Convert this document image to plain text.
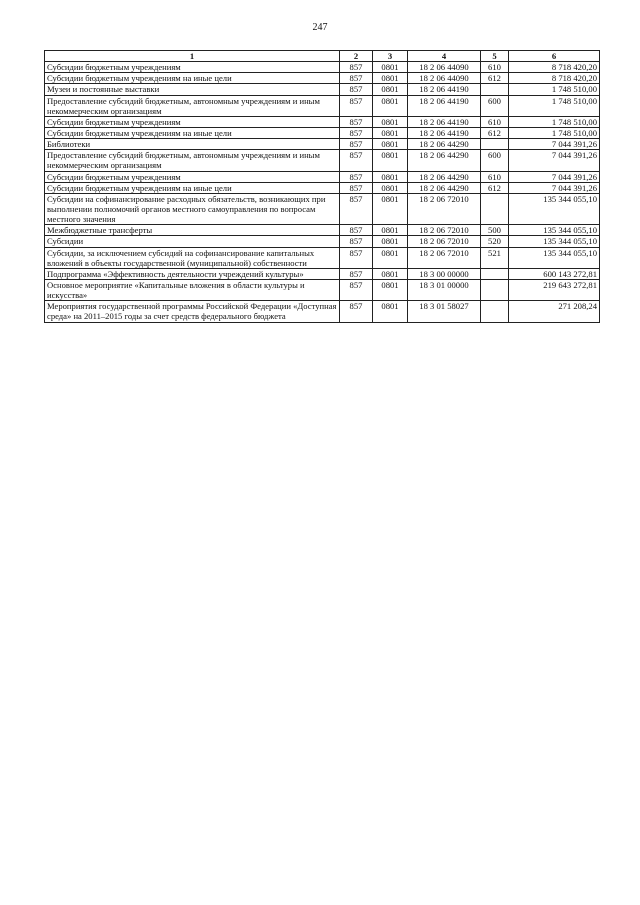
247
1	2	3	4	5	6
Субсидии бюджетным учреждениям	857	0801	18 2 06 44090	610	8 718 420,20
Субсидии бюджетным учреждениям на иные цели	857	0801	18 2 06 44090	612	8 718 420,20
Музеи и постоянные выставки	857	0801	18 2 06 44190		1 748 510,00
Предоставление субсидий бюджетным, автономным учреждениям и иным некоммерческим организациям	857	0801	18 2 06 44190	600	1 748 510,00
Субсидии бюджетным учреждениям	857	0801	18 2 06 44190	610	1 748 510,00
Субсидии бюджетным учреждениям на иные цели	857	0801	18 2 06 44190	612	1 748 510,00
Библиотеки	857	0801	18 2 06 44290		7 044 391,26
Предоставление субсидий бюджетным, автономным учреждениям и иным некоммерческим организациям	857	0801	18 2 06 44290	600	7 044 391,26
Субсидии бюджетным учреждениям	857	0801	18 2 06 44290	610	7 044 391,26
Субсидии бюджетным учреждениям на иные цели	857	0801	18 2 06 44290	612	7 044 391,26
Субсидии на софинансирование расходных обязательств, возникающих при выполнении полномочий органов местного самоуправления по вопросам местного значения	857	0801	18 2 06 72010		135 344 055,10
Межбюджетные трансферты	857	0801	18 2 06 72010	500	135 344 055,10
Субсидии	857	0801	18 2 06 72010	520	135 344 055,10
Субсидии, за исключением субсидий на софинансирование капитальных вложений в объекты государственной (муниципальной) собственности	857	0801	18 2 06 72010	521	135 344 055,10
Подпрограмма «Эффективность деятельности учреждений культуры»	857	0801	18 3 00 00000		600 143 272,81
Основное мероприятие «Капитальные вложения в области культуры и искусства»	857	0801	18 3 01 00000		219 643 272,81
Мероприятия государственной программы Российской Федерации «Доступная среда» на 2011–2015 годы за счет средств федерального бюджета	857	0801	18 3 01 58027		271 208,24
